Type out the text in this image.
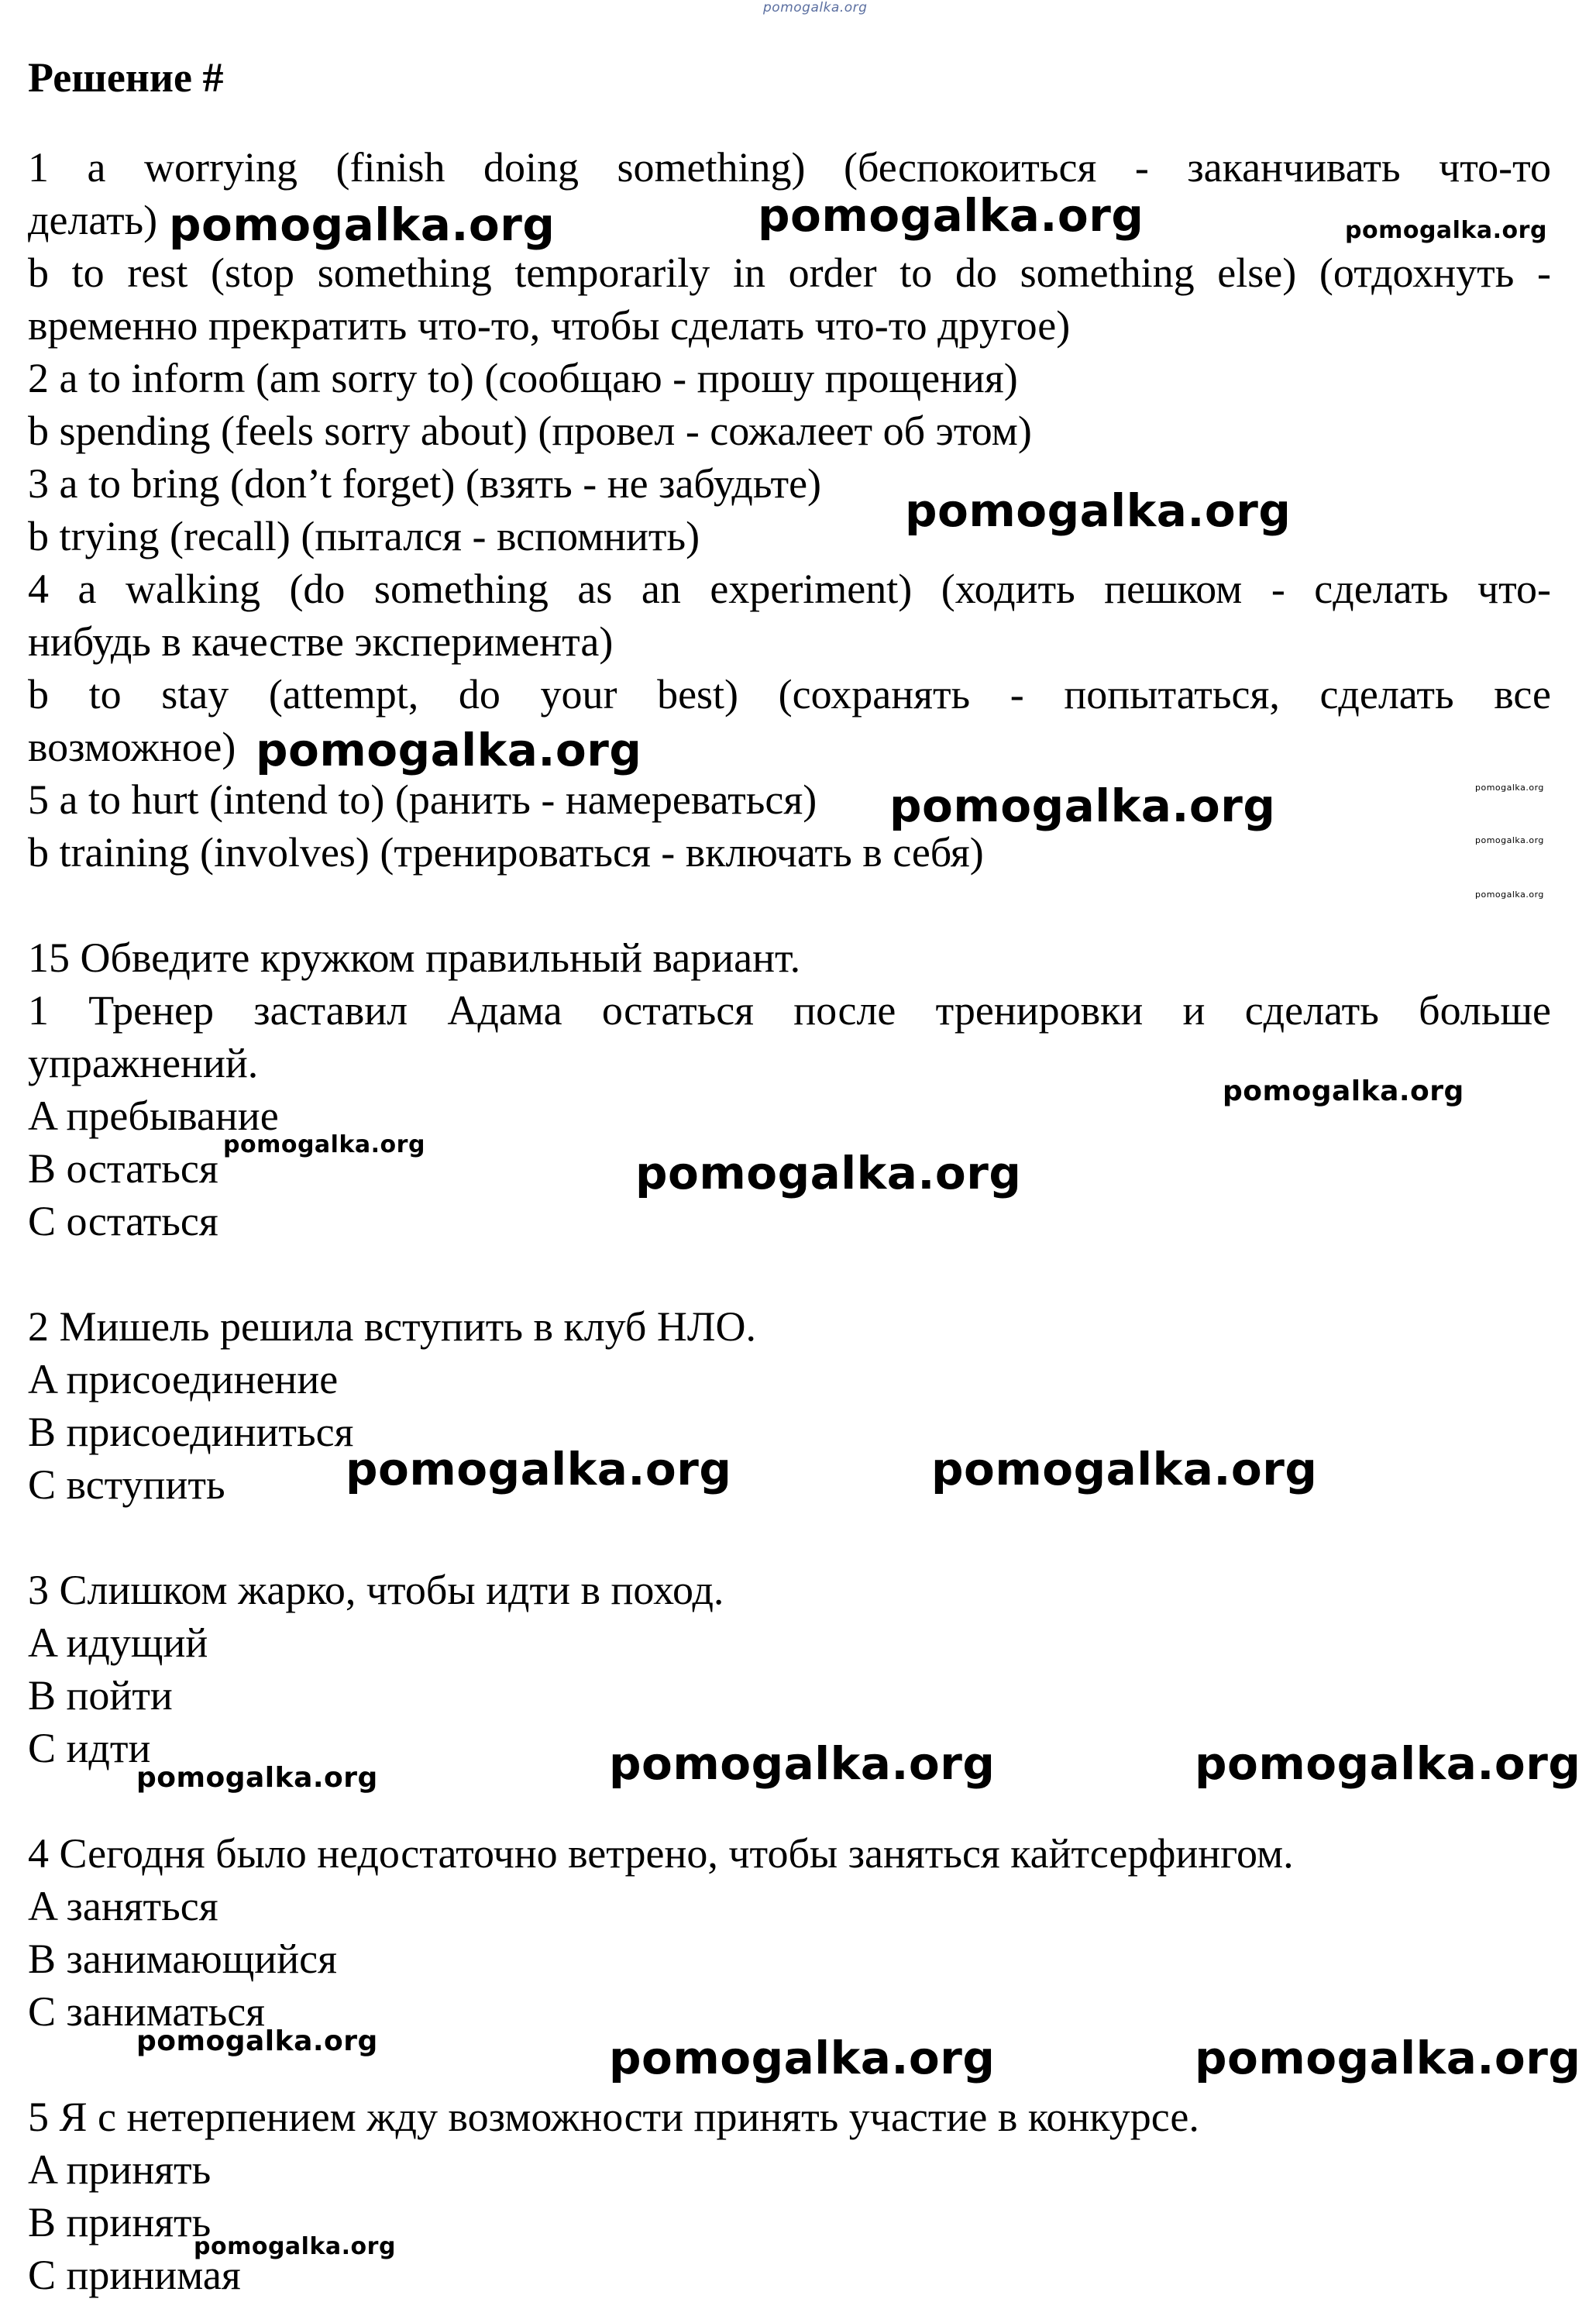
Решение #
1 a worrying (finish doing something) (беспокоиться - заканчивать что-то
делать)
b to rest (stop something temporarily in order to do something else) (отдохнуть -
временно прекратить что-то, чтобы сделать что-то другое)
2 a to inform (am sorry to) (сообщаю - прошу прощения)
b spending (feels sorry about) (провел - сожалеет об этом)
3 a to bring (don’t forget) (взять - не забудьте)
b trying (recall) (пытался - вспомнить)
4 a walking (do something as an experiment) (ходить пешком - сделать что-
нибудь в качестве эксперимента)
b to stay (attempt, do your best) (сохранять - попытаться, сделать все
возможное)
5 a to hurt (intend to) (ранить - намереваться)
b training (involves) (тренироваться - включать в себя)
15 Обведите кружком правильный вариант.
1 Тренер заставил Адама остаться после тренировки и сделать больше
упражнений.
A пребывание
B остаться
C остаться
2 Мишель решила вступить в клуб НЛО.
A присоединение
B присоединиться
C вступить
3 Слишком жарко, чтобы идти в поход.
A идущий
B пойти
C идти
4 Сегодня было недостаточно ветрено, чтобы заняться кайтсерфингом.
A заняться
B занимающийся
C заниматься
5 Я с нетерпением жду возможности принять участие в конкурсе.
A принять
B принять
C принимая
pomogalka.org
pomogalka.org	pomogalka.org	pomogalka.org
pomogalka.org
pomogalka.org
pomogalka.org	pomogalka.org
pomogalka.org
pomogalka.org
pomogalka.org
pomogalka.org
pomogalka.org
pomogalka.org	pomogalka.org
pomogalka.org	pomogalka.org	pomogalka.org
pomogalka.org	pomogalka.org	pomogalka.org
pomogalka.org
